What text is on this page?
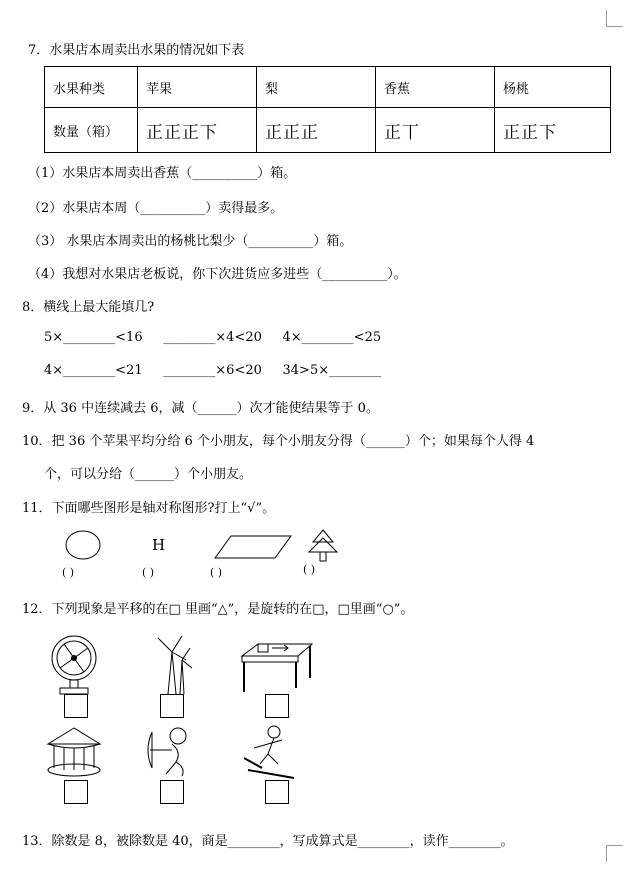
7．水果店本周卖出水果的情况如下表
水果种类	苹果	梨	香蕉	杨桃
数量（箱）	正正正下	正正正	正丅	正正下
（1）水果店本周卖出香蕉（__________）箱。
（2）水果店本周（__________）卖得最多。
（3） 水果店本周卖出的杨桃比梨少（__________）箱。
（4）我想对水果店老板说，你下次进货应多进些（__________）。
8．横线上最大能填几?
5×________<16     ________×4<20     4×________<25
4×________<21     ________×6<20     34>5×________
9．从 36 中连续减去 6，减（______）次才能使结果等于 0。
10．把 36 个苹果平均分给 6 个小朋友，每个小朋友分得（______）个；如果每个人得 4
个，可以分给（______）个小朋友。
11．下面哪些图形是轴对称图形?打上“√”。
H
( )	( )	( )	( )
12．下列现象是平移的在□ 里画“△”，是旋转的在□，□里画“○”。
13．除数是 8，被除数是 40，商是________，写成算式是________，读作________。
